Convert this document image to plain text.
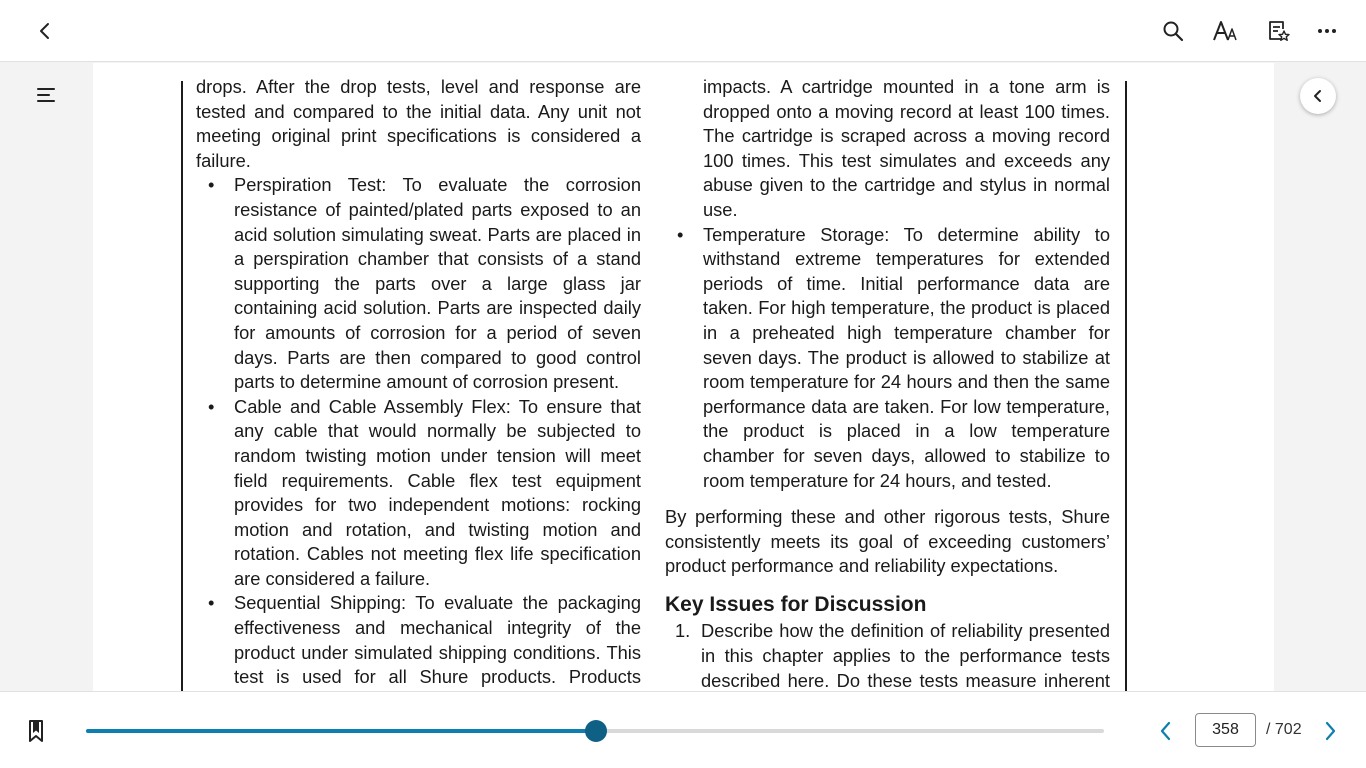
drops. After the drop tests, level and response are tested and compared to the initial data. Any unit not meeting original print specifications is considered a failure.

• Perspiration Test: To evaluate the corrosion resistance of painted/plated parts exposed to an acid solution simulating sweat. Parts are placed in a perspiration chamber that consists of a stand supporting the parts over a large glass jar containing acid solution. Parts are inspected daily for amounts of corrosion for a period of seven days. Parts are then compared to good control parts to determine amount of corrosion present.

• Cable and Cable Assembly Flex: To ensure that any cable that would normally be subjected to random twisting motion under tension will meet field requirements. Cable flex test equipment provides for two independent motions: rocking motion and rotation, and twisting motion and rotation. Cables not meeting flex life specification are considered a failure.

• Sequential Shipping: To evaluate the packaging effectiveness and mechanical integrity of the product under simulated shipping conditions. This test is used for all Shure products. Products

impacts. A cartridge mounted in a tone arm is dropped onto a moving record at least 100 times. The cartridge is scraped across a moving record 100 times. This test simulates and exceeds any abuse given to the cartridge and stylus in normal use.

• Temperature Storage: To determine ability to withstand extreme temperatures for extended periods of time. Initial performance data are taken. For high temperature, the product is placed in a preheated high temperature chamber for seven days. The product is allowed to stabilize at room temperature for 24 hours and then the same performance data are taken. For low temperature, the product is placed in a low temperature chamber for seven days, allowed to stabilize to room temperature for 24 hours, and tested.

By performing these and other rigorous tests, Shure consistently meets its goal of exceeding customers’ product performance and reliability expectations.

Key Issues for Discussion

1. Describe how the definition of reliability presented in this chapter applies to the performance tests described here. Do these tests measure inherent

358
/ 702
